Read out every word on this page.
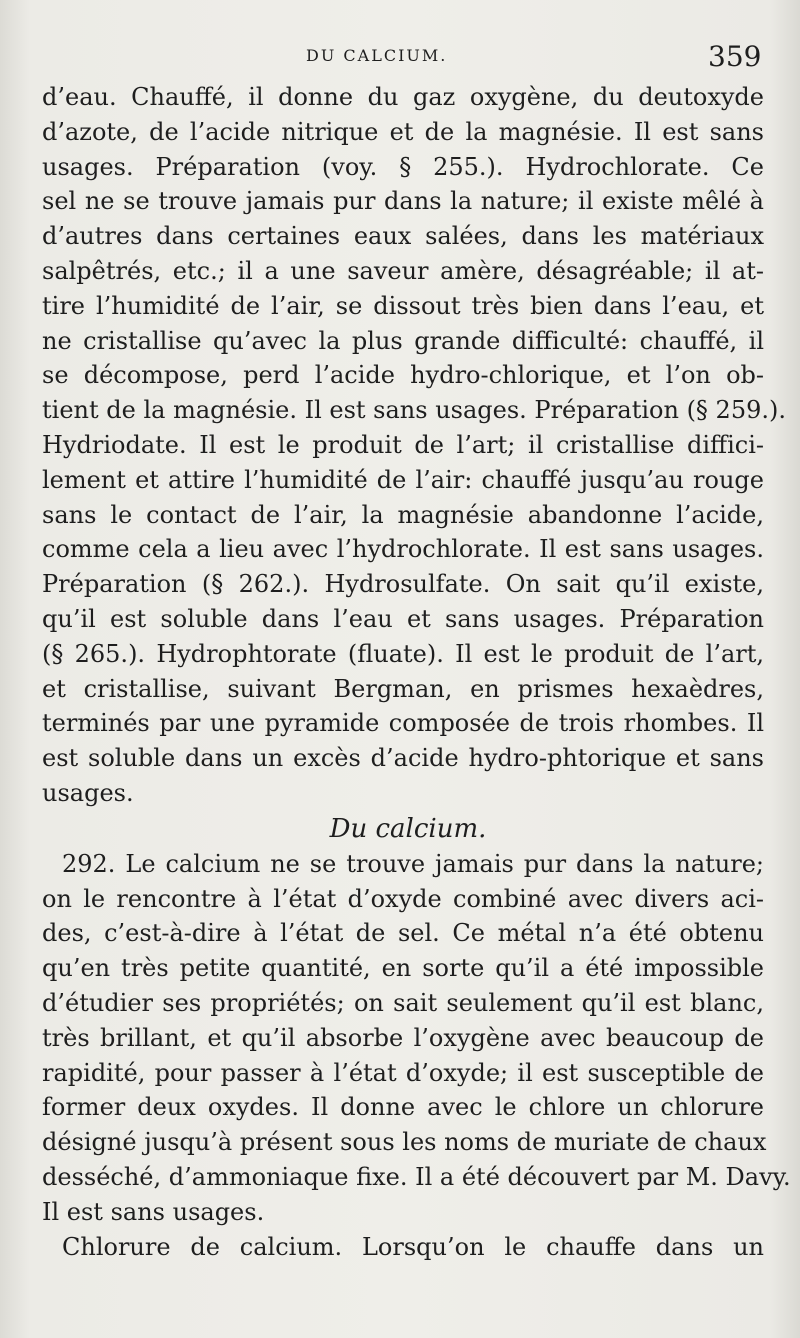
DU CALCIUM.	359
d’eau. Chauffé, il donne du gaz oxygène, du deutoxyde
d’azote, de l’acide nitrique et de la magnésie. Il est sans
usages. Préparation (voy. § 255.). Hydrochlorate. Ce
sel ne se trouve jamais pur dans la nature; il existe mêlé à
d’autres dans certaines eaux salées, dans les matériaux
salpêtrés, etc.; il a une saveur amère, désagréable; il at-
tire l’humidité de l’air, se dissout très bien dans l’eau, et
ne cristallise qu’avec la plus grande difficulté: chauffé, il
se décompose, perd l’acide hydro-chlorique, et l’on ob-
tient de la magnésie. Il est sans usages. Préparation (§ 259.).
Hydriodate. Il est le produit de l’art; il cristallise diffici-
lement et attire l’humidité de l’air: chauffé jusqu’au rouge
sans le contact de l’air, la magnésie abandonne l’acide,
comme cela a lieu avec l’hydrochlorate. Il est sans usages.
Préparation (§ 262.). Hydrosulfate. On sait qu’il existe,
qu’il est soluble dans l’eau et sans usages. Préparation
(§ 265.). Hydrophtorate (fluate). Il est le produit de l’art,
et cristallise, suivant Bergman, en prismes hexaèdres,
terminés par une pyramide composée de trois rhombes. Il
est soluble dans un excès d’acide hydro-phtorique et sans
usages.
Du calcium.
292. Le calcium ne se trouve jamais pur dans la nature;
on le rencontre à l’état d’oxyde combiné avec divers aci-
des, c’est-à-dire à l’état de sel. Ce métal n’a été obtenu
qu’en très petite quantité, en sorte qu’il a été impossible
d’étudier ses propriétés; on sait seulement qu’il est blanc,
très brillant, et qu’il absorbe l’oxygène avec beaucoup de
rapidité, pour passer à l’état d’oxyde; il est susceptible de
former deux oxydes. Il donne avec le chlore un chlorure
désigné jusqu’à présent sous les noms de muriate de chaux
desséché, d’ammoniaque fixe. Il a été découvert par M. Davy.
Il est sans usages.
Chlorure de calcium. Lorsqu’on le chauffe dans un
